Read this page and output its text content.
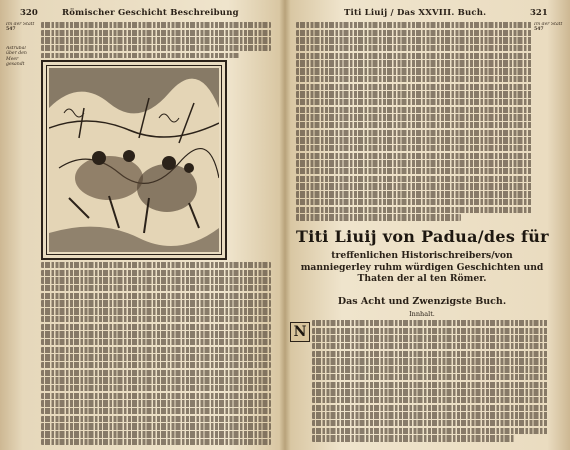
320	Römischer Geschicht Beschreibung
Im der Statt
547
Astrubal über den Meer gesandt
Titi Liuij / Das XXVIII. Buch.	321
Im der Statt
547
Titi Liuij von Padua/des für
treffenlichen Historischreibers/von manniegerley ruhm würdigen Geschichten und Thaten der al ten Römer.
Das Acht und Zwenzigste Buch.
Innhalt.
N
